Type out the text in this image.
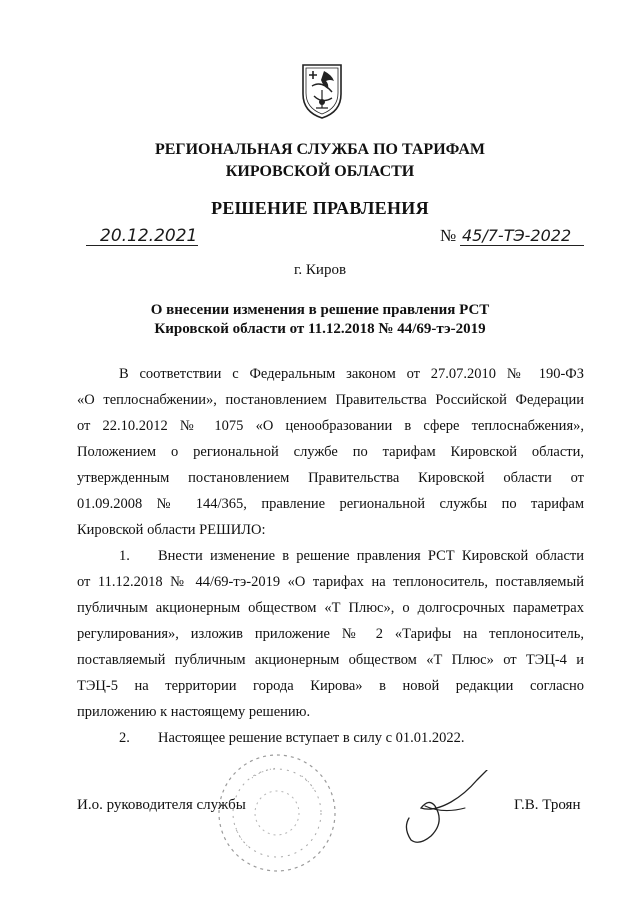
РЕГИОНАЛЬНАЯ СЛУЖБА ПО ТАРИФАМ
КИРОВСКОЙ ОБЛАСТИ
РЕШЕНИЕ ПРАВЛЕНИЯ
20.12.2021	№ 45/7-ТЭ-2022
г. Киров
О внесении изменения в решение правления РСТ
Кировской области от 11.12.2018 № 44/69-тэ-2019
В соответствии с Федеральным законом от 27.07.2010 № 190-ФЗ
«О теплоснабжении», постановлением Правительства Российской Федерации
от 22.10.2012 № 1075 «О ценообразовании в сфере теплоснабжения»,
Положением о региональной службе по тарифам Кировской области,
утвержденным постановлением Правительства Кировской области от
01.09.2008 № 144/365, правление региональной службы по тарифам
Кировской области РЕШИЛО:
1. Внести изменение в решение правления РСТ Кировской области
от 11.12.2018 № 44/69-тэ-2019 «О тарифах на теплоноситель, поставляемый
публичным акционерным обществом «Т Плюс», о долгосрочных параметрах
регулирования», изложив приложение № 2 «Тарифы на теплоноситель,
поставляемый публичным акционерным обществом «Т Плюс» от ТЭЦ-4 и
ТЭЦ-5 на территории города Кирова» в новой редакции согласно
приложению к настоящему решению.
2. Настоящее решение вступает в силу с 01.01.2022.
И.о. руководителя службы	Г.В. Троян
